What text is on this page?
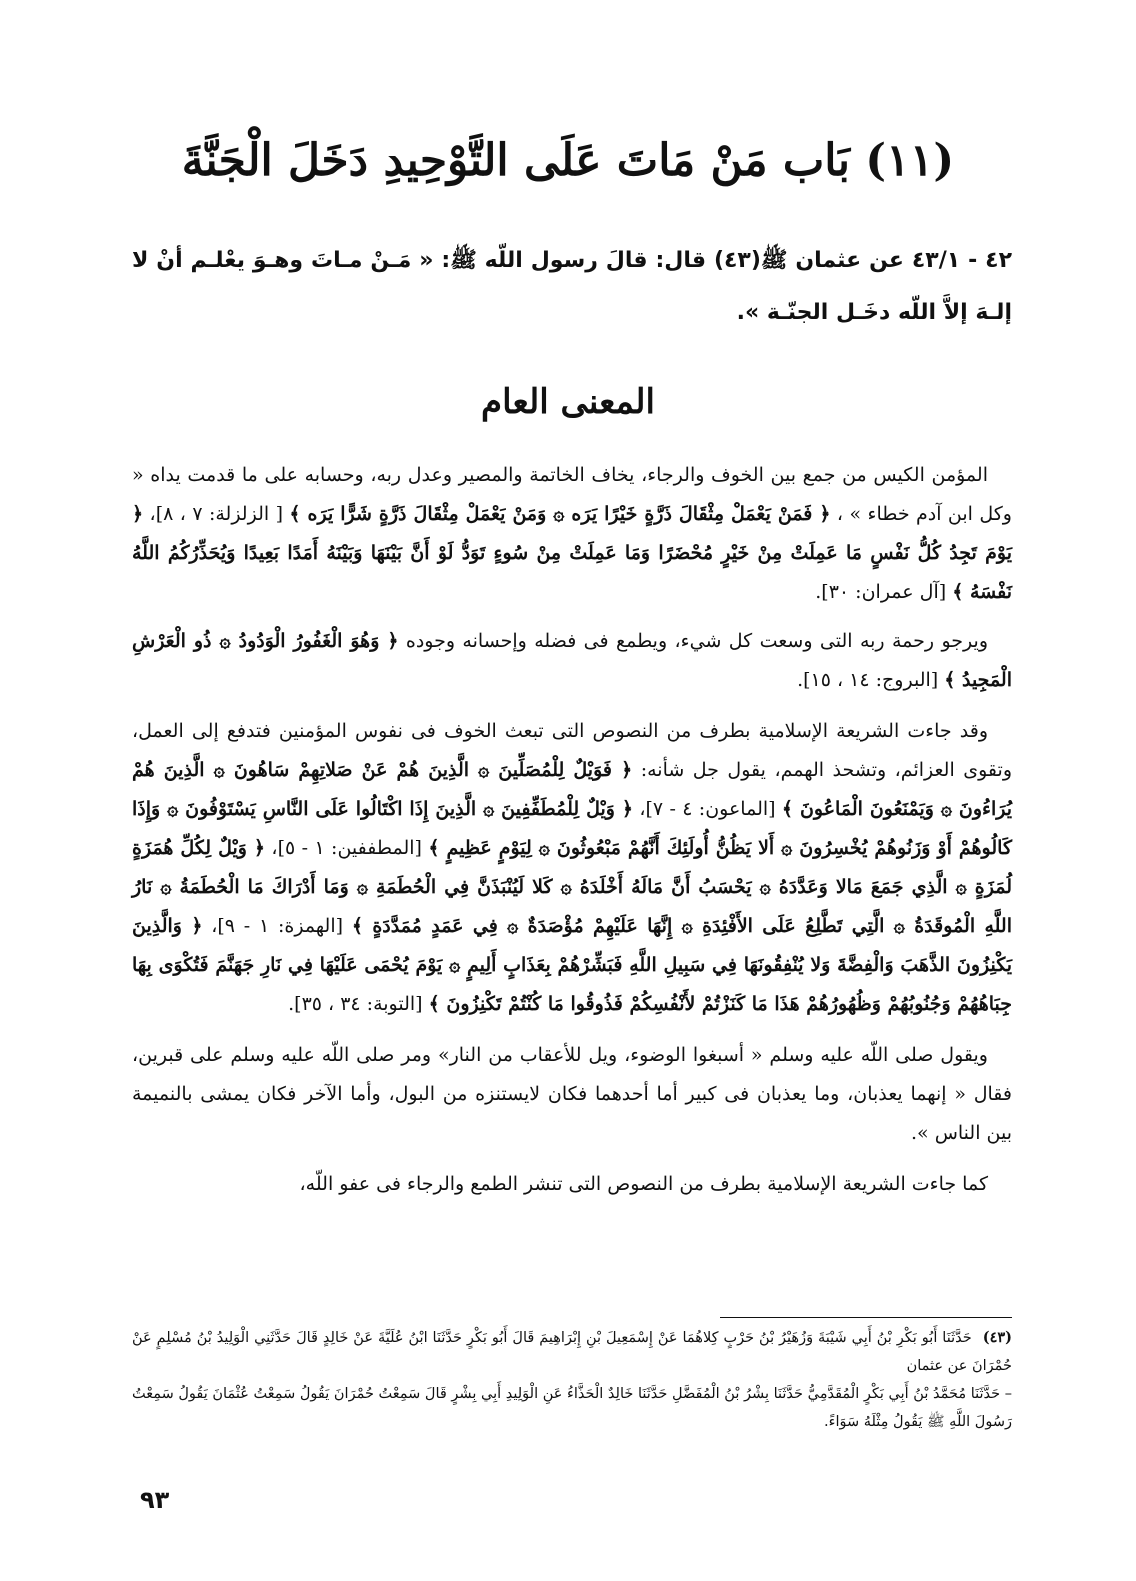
(١١) بَاب مَنْ مَاتَ عَلَى التَّوْحِيدِ دَخَلَ الْجَنَّةَ

٤٢ - ٤٣/١ عن عثمان ﷺ(٤٣) قال: قالَ رسول اللّه ﷺ: « مَـنْ مـاتَ وهـوَ يعْلـم أنْ لا إلـهَ إلاَّ اللّه دخَـل الجنّـة ».

المعنى العام

المؤمن الكيس من جمع بين الخوف والرجاء، يخاف الخاتمة والمصير وعدل ربه، وحسابه على ما قدمت يداه « وكل ابن آدم خطاء » ، ﴿ فَمَنْ يَعْمَلْ مِثْقَالَ ذَرَّةٍ خَيْرًا يَرَه ۞ وَمَنْ يَعْمَلْ مِثْقَالَ ذَرَّةٍ شَرًّا يَرَه ﴾ [ الزلزلة: ٧ ، ٨]، ﴿ يَوْمَ تَجِدُ كُلُّ نَفْسٍ مَا عَمِلَتْ مِنْ خَيْرٍ مُحْضَرًا وَمَا عَمِلَتْ مِنْ سُوءٍ تَوَدُّ لَوْ أَنَّ بَيْنَهَا وَبَيْنَهُ أَمَدًا بَعِيدًا وَيُحَذِّرُكُمُ اللَّهُ نَفْسَهُ ﴾ [آل عمران: ٣٠].

ويرجو رحمة ربه التى وسعت كل شيء، ويطمع فى فضله وإحسانه وجوده ﴿ وَهُوَ الْغَفُورُ الْوَدُودُ ۞ ذُو الْعَرْشِ الْمَجِيدُ ﴾ [البروج: ١٤ ، ١٥].

وقد جاءت الشريعة الإسلامية بطرف من النصوص التى تبعث الخوف فى نفوس المؤمنين فتدفع إلى العمل، وتقوى العزائم، وتشحذ الهمم، يقول جل شأنه: ﴿ فَوَيْلٌ لِلْمُصَلِّينَ ۞ الَّذِينَ هُمْ عَنْ صَلاتِهِمْ سَاهُونَ ۞ الَّذِينَ هُمْ يُرَاءُونَ ۞ وَيَمْنَعُونَ الْمَاعُونَ ﴾ [الماعون: ٤ - ٧]، ﴿ وَيْلٌ لِلْمُطَفِّفِينَ ۞ الَّذِينَ إِذَا اكْتَالُوا عَلَى النَّاسِ يَسْتَوْفُونَ ۞ وَإِذَا كَالُوهُمْ أَوْ وَزَنُوهُمْ يُخْسِرُونَ ۞ أَلا يَظُنُّ أُولَئِكَ أَنَّهُمْ مَبْعُوثُونَ ۞ لِيَوْمٍ عَظِيمٍ ﴾ [المطففين: ١ - ٥]، ﴿ وَيْلٌ لِكُلِّ هُمَزَةٍ لُمَزَةٍ ۞ الَّذِي جَمَعَ مَالا وَعَدَّدَهُ ۞ يَحْسَبُ أَنَّ مَالَهُ أَخْلَدَهُ ۞ كَلا لَيُنْبَذَنَّ فِي الْحُطَمَةِ ۞ وَمَا أَدْرَاكَ مَا الْحُطَمَةُ ۞ نَارُ اللَّهِ الْمُوقَدَةُ ۞ الَّتِي تَطَّلِعُ عَلَى الأَفْئِدَةِ ۞ إِنَّهَا عَلَيْهِمْ مُؤْصَدَةٌ ۞ فِي عَمَدٍ مُمَدَّدَةٍ ﴾ [الهمزة: ١ - ٩]، ﴿ وَالَّذِينَ يَكْنِزُونَ الذَّهَبَ وَالْفِضَّةَ وَلا يُنْفِقُونَهَا فِي سَبِيلِ اللَّهِ فَبَشِّرْهُمْ بِعَذَابٍ أَلِيمٍ ۞ يَوْمَ يُحْمَى عَلَيْهَا فِي نَارِ جَهَنَّمَ فَتُكْوَى بِهَا جِبَاهُهُمْ وَجُنُوبُهُمْ وَظُهُورُهُمْ هَذَا مَا كَنَزْتُمْ لأَنْفُسِكُمْ فَذُوقُوا مَا كُنْتُمْ تَكْنِزُونَ ﴾ [التوبة: ٣٤ ، ٣٥].

ويقول صلى اللّه عليه وسلم « أسبغوا الوضوء، ويل للأعقاب من النار» ومر صلى اللّه عليه وسلم على قبرين، فقال « إنهما يعذبان، وما يعذبان فى كبير أما أحدهما فكان لايستنزه من البول، وأما الآخر فكان يمشى بالنميمة بين الناس ».

كما جاءت الشريعة الإسلامية بطرف من النصوص التى تنشر الطمع والرجاء فى عفو اللّه،

(٤٣) حَدَّثَنَا أَبُو بَكْرِ بْنُ أَبِي شَيْبَةَ وَزُهَيْرُ بْنُ حَرْبٍ كِلاهُمَا عَنْ إِسْمَعِيلَ بْنِ إِبْرَاهِيمَ قَالَ أَبُو بَكْرٍ حَدَّثَنَا ابْنُ عُلَيَّةَ عَنْ خَالِدٍ قَالَ حَدَّثَنِي الْوَلِيدُ بْنُ مُسْلِمٍ عَنْ حُمْرَانَ عن عثمان

– حَدَّثَنَا مُحَمَّدُ بْنُ أَبِي بَكْرٍ الْمُقَدَّمِيُّ حَدَّثَنَا بِشْرُ بْنُ الْمُفَضَّلِ حَدَّثَنَا خَالِدٌ الْحَذَّاءُ عَنِ الْوَلِيدِ أَبِي بِشْرٍ قَالَ سَمِعْتُ حُمْرَانَ يَقُولُ سَمِعْتُ عُثْمَانَ يَقُولُ سَمِعْتُ رَسُولَ اللَّهِ ﷺ يَقُولُ مِثْلَهُ سَوَاءً.

٩٣
